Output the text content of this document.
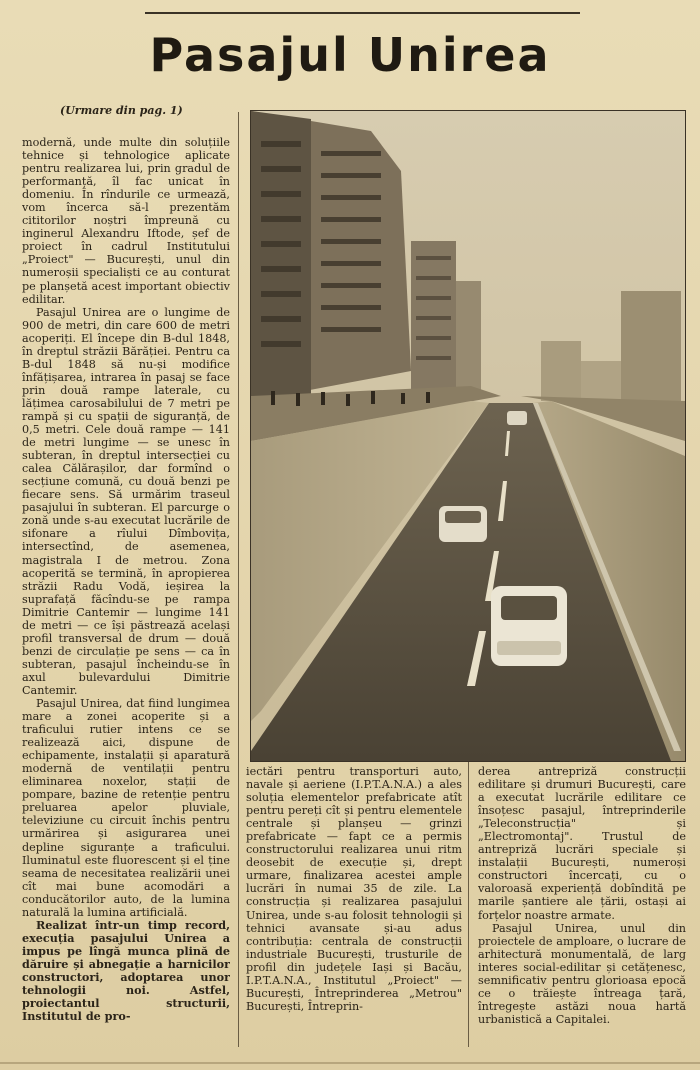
Pasajul Unirea
(Urmare din pag. 1)

modernă, unde multe din soluțiile tehnice și tehnologice aplicate pentru realizarea lui, prin gradul de performanță, îl fac unicat în domeniu. În rîndurile ce urmează, vom încerca să-l prezentăm cititorilor noștri împreună cu inginerul Alexandru Iftode, șef de proiect în cadrul Institutului „Proiect" — București, unul din numeroșii specialiști ce au conturat pe planșetă acest important obiectiv edilitar.

Pasajul Unirea are o lungime de 900 de metri, din care 600 de metri acoperiți. El începe din B-dul 1848, în dreptul străzii Bărăției. Pentru ca B-dul 1848 să nu-și modifice înfățișarea, intrarea în pasaj se face prin două rampe laterale, cu lățimea carosabilului de 7 metri pe rampă și cu spații de siguranță, de 0,5 metri. Cele două rampe — 141 de metri lungime — se unesc în subteran, în dreptul intersecției cu calea Călărașilor, dar formînd o secțiune comună, cu două benzi pe fiecare sens. Să urmărim traseul pasajului în subteran. El parcurge o zonă unde s-au executat lucrările de sifonare a rîului Dîmbovița, intersectînd, de asemenea, magistrala I de metrou. Zona acoperită se termină, în apropierea străzii Radu Vodă, ieșirea la suprafață făcîndu-se pe rampa Dimitrie Cantemir — lungime 141 de metri — ce își păstrează același profil transversal de drum — două benzi de circulație pe sens — ca în subteran, pasajul încheindu-se în axul bulevardului Dimitrie Cantemir.

Pasajul Unirea, dat fiind lungimea mare a zonei acoperite și a traficului rutier intens ce se realizează aici, dispune de echipamente, instalații și aparatură modernă de ventilații pentru eliminarea noxelor, stații de pompare, bazine de retenție pentru preluarea apelor pluviale, televiziune cu circuit închis pentru urmărirea și asigurarea unei depline siguranțe a traficului. Iluminatul este fluorescent și el ține seama de necesitatea realizării unei cît mai bune acomodări a conducătorilor auto, de la lumina naturală la lumina artificială.

Realizat într-un timp record, execuția pasajului Unirea a impus pe lîngă munca plină de dăruire și abnegație a harnicilor constructori, adoptarea unor tehnologii noi. Astfel, proiectantul structurii, Institutul de pro-

iectări pentru transporturi auto, navale și aeriene (I.P.T.A.N.A.) a ales soluția elementelor prefabricate atît pentru pereți cît și pentru elementele centrale și planșeu — grinzi prefabricate — fapt ce a permis constructorului realizarea unui ritm deosebit de execuție și, drept urmare, finalizarea acestei ample lucrări în numai 35 de zile. La construcția și realizarea pasajului Unirea, unde s-au folosit tehnologii și tehnici avansate și-au adus contribuția: centrala de construcții industriale București, trusturile de profil din județele Iași și Bacău, I.P.T.A.N.A., Institutul „Proiect" — București, Întreprinderea „Metrou" București, Întreprin-

derea antrepriză construcții edilitare și drumuri București, care a executat lucrările edilitare ce însoțesc pasajul, întreprinderile „Teleconstrucția" și „Electromontaj". Trustul de antrepriză lucrări speciale și instalații București, numeroși constructori încercați, cu o valoroasă experiență dobîndită pe marile șantiere ale țării, ostași ai forțelor noastre armate.

Pasajul Unirea, unul din proiectele de amploare, o lucrare de arhitectură monumentală, de larg interes social-edilitar și cetățenesc, semnificativ pentru glorioasa epocă ce o trăiește întreaga țară, întregește astăzi noua hartă urbanistică a Capitalei.
